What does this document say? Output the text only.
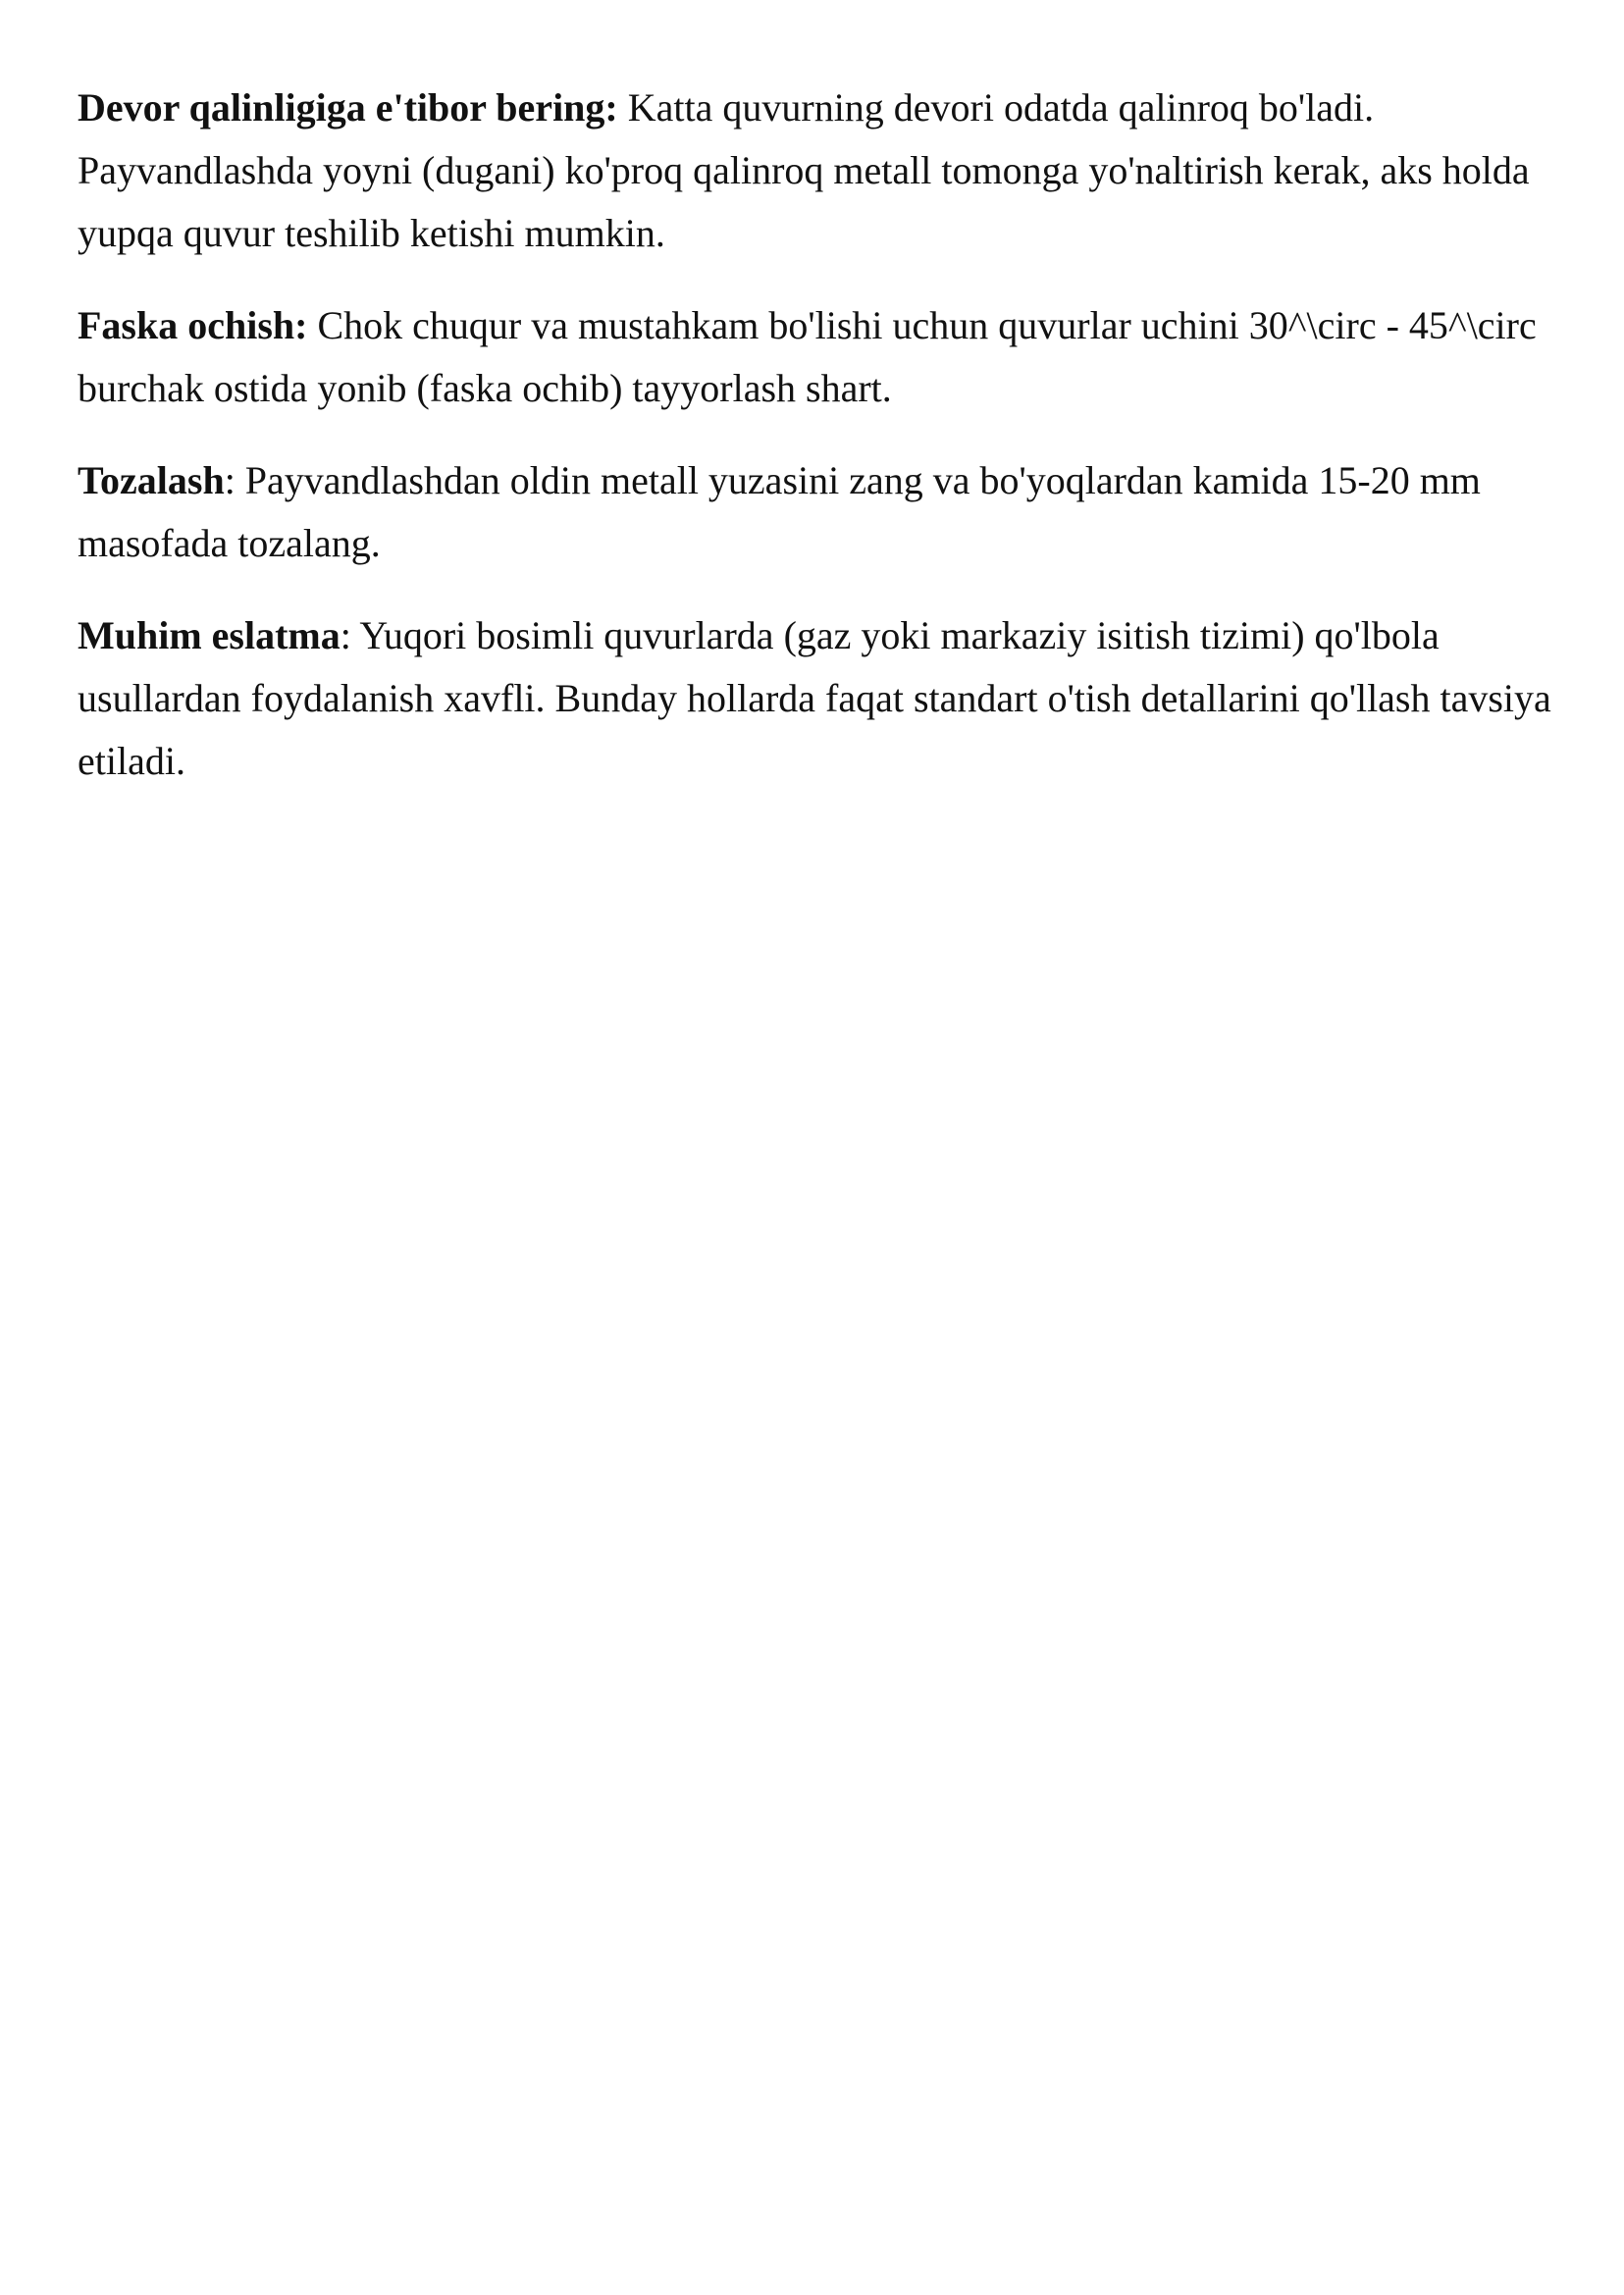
Devor qalinligiga e'tibor bering: Katta quvurning devori odatda qalinroq bo'ladi. Payvandlashda yoyni (dugani) ko'proq qalinroq metall tomonga yo'naltirish kerak, aks holda yupqa quvur teshilib ketishi mumkin.

Faska ochish: Chok chuqur va mustahkam bo'lishi uchun quvurlar uchini 30^\circ - 45^\circ burchak ostida yonib (faska ochib) tayyorlash shart.

Tozalash: Payvandlashdan oldin metall yuzasini zang va bo'yoqlardan kamida 15-20 mm masofada tozalang.

Muhim eslatma: Yuqori bosimli quvurlarda (gaz yoki markaziy isitish tizimi) qo'lbola usullardan foydalanish xavfli. Bunday hollarda faqat standart o'tish detallarini qo'llash tavsiya etiladi.
